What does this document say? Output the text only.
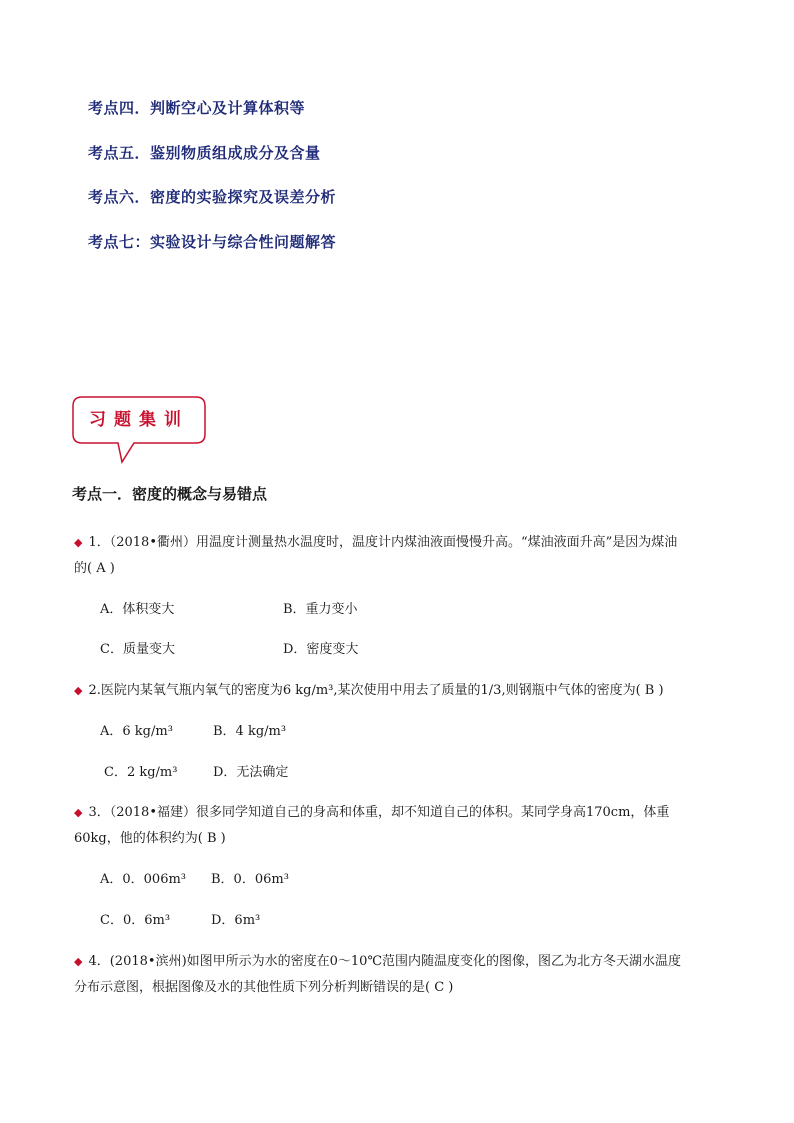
考点四．判断空心及计算体积等
考点五．鉴别物质组成成分及含量
考点六．密度的实验探究及误差分析
考点七：实验设计与综合性问题解答
习题集训
考点一．密度的概念与易错点
◆ 1．（2018•衢州）用温度计测量热水温度时，温度计内煤油液面慢慢升高。“煤油液面升高”是因为煤油
的( A )
A．体积变大	B．重力变小
C．质量变大	D．密度变大
◆ 2.医院内某氧气瓶内氧气的密度为6 kg/m³,某次使用中用去了质量的1/3,则钢瓶中气体的密度为( B )
A．6 kg/m³	B．4 kg/m³
C．2 kg/m³	D．无法确定
◆ 3．（2018•福建）很多同学知道自己的身高和体重，却不知道自己的体积。某同学身高170cm，体重
60kg，他的体积约为( B )
A．0．006m³ B．0．06m³
C．0．6m³	D．6m³
◆ 4．(2018•滨州)如图甲所示为水的密度在0～10℃范围内随温度变化的图像，图乙为北方冬天湖水温度
分布示意图，根据图像及水的其他性质下列分析判断错误的是( C )
